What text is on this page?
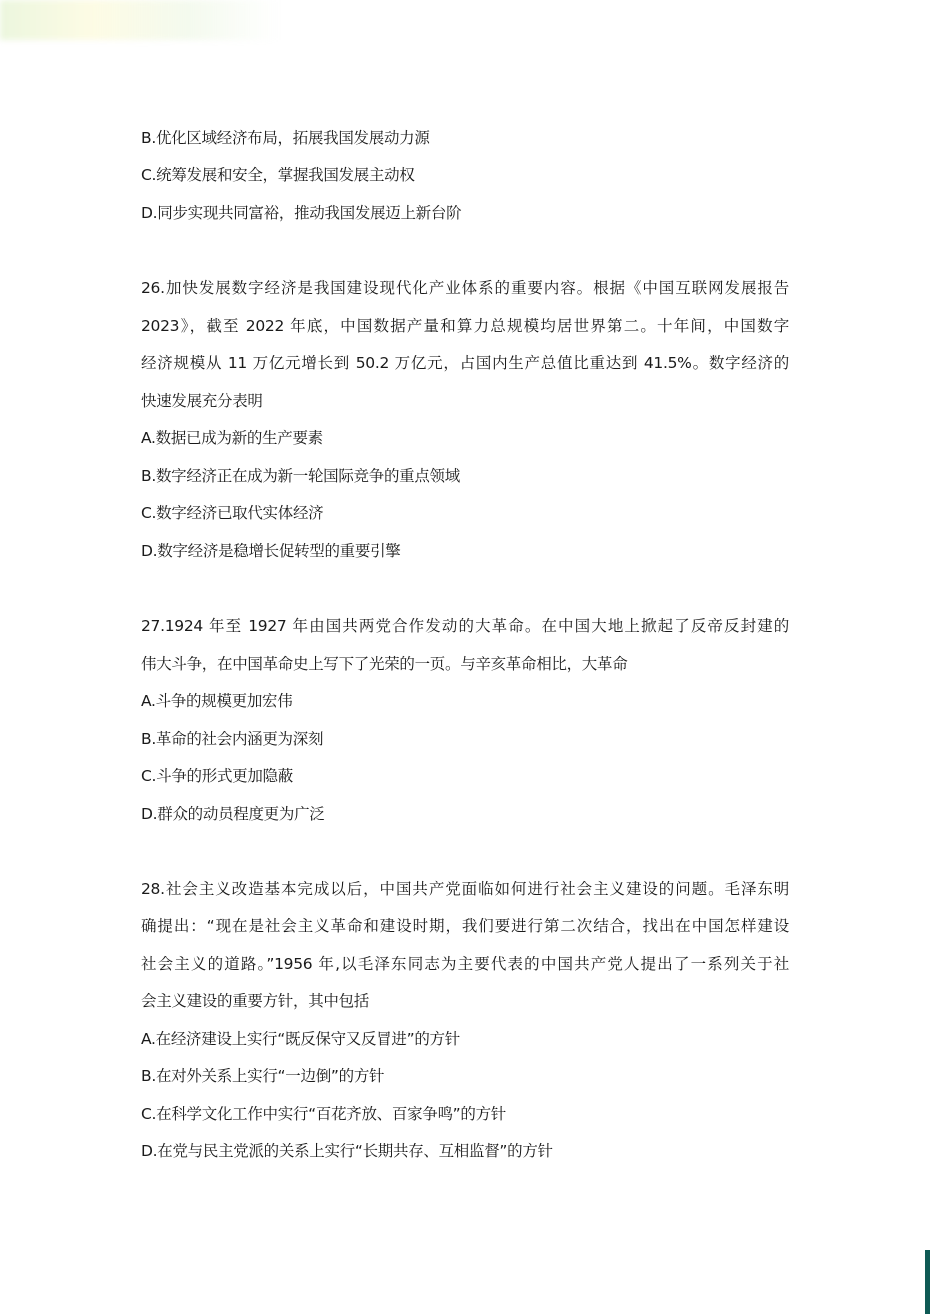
B.优化区域经济布局，拓展我国发展动力源
C.统筹发展和安全，掌握我国发展主动权
D.同步实现共同富裕，推动我国发展迈上新台阶
26.加快发展数字经济是我国建设现代化产业体系的重要内容。根据《中国互联网发展报告
2023》，截至 2022 年底，中国数据产量和算力总规模均居世界第二。十年间，中国数字
经济规模从 11 万亿元增长到 50.2 万亿元，占国内生产总值比重达到 41.5%。数字经济的
快速发展充分表明
A.数据已成为新的生产要素
B.数字经济正在成为新一轮国际竞争的重点领域
C.数字经济已取代实体经济
D.数字经济是稳增长促转型的重要引擎
27.1924 年至 1927 年由国共两党合作发动的大革命。在中国大地上掀起了反帝反封建的
伟大斗争，在中国革命史上写下了光荣的一页。与辛亥革命相比，大革命
A.斗争的规模更加宏伟
B.革命的社会内涵更为深刻
C.斗争的形式更加隐蔽
D.群众的动员程度更为广泛
28.社会主义改造基本完成以后，中国共产党面临如何进行社会主义建设的问题。毛泽东明
确提出：“现在是社会主义革命和建设时期，我们要进行第二次结合，找出在中国怎样建设
社会主义的道路。”1956 年,以毛泽东同志为主要代表的中国共产党人提出了一系列关于社
会主义建设的重要方针，其中包括
A.在经济建设上实行“既反保守又反冒进”的方针
B.在对外关系上实行“一边倒”的方针
C.在科学文化工作中实行“百花齐放、百家争鸣”的方针
D.在党与民主党派的关系上实行“长期共存、互相监督”的方针
